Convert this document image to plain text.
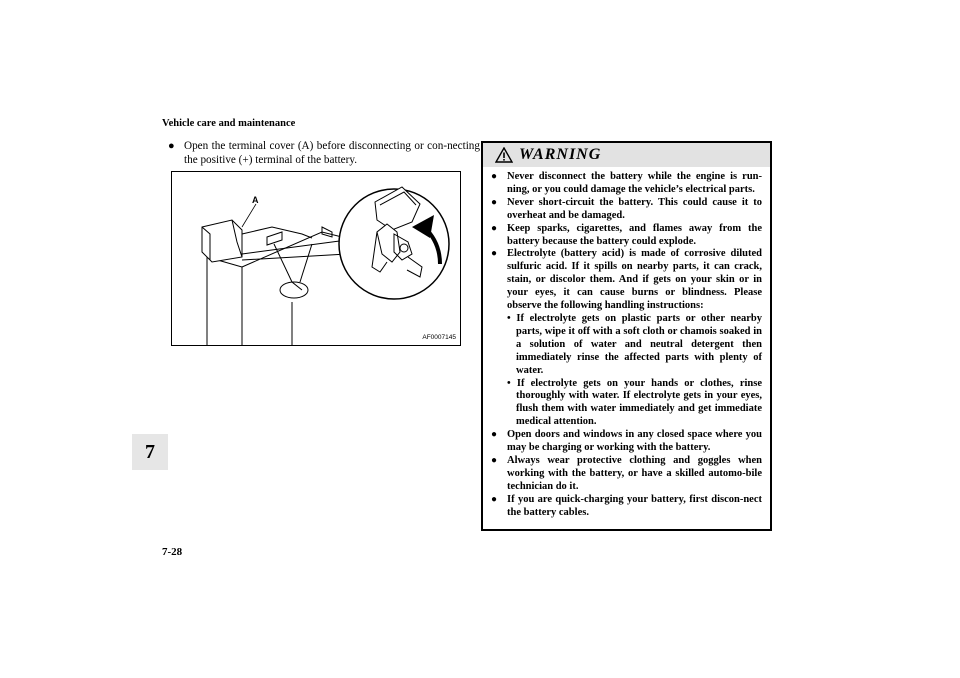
Vehicle care and maintenance
7
7-28
● Open the terminal cover (A) before disconnecting or con-necting the positive (+) terminal of the battery.
A
AF0007145
WARNING
● Never disconnect the battery while the engine is run-ning, or you could damage the vehicle’s electrical parts.
● Never short-circuit the battery. This could cause it to overheat and be damaged.
● Keep sparks, cigarettes, and flames away from the battery because the battery could explode.
● Electrolyte (battery acid) is made of corrosive diluted sulfuric acid. If it spills on nearby parts, it can crack, stain, or discolor them. And if gets on your skin or in your eyes, it can cause burns or blindness. Please observe the following handling instructions:
• If electrolyte gets on plastic parts or other nearby parts, wipe it off with a soft cloth or chamois soaked in a solution of water and neutral detergent then immediately rinse the affected parts with plenty of water.
• If electrolyte gets on your hands or clothes, rinse thoroughly with water. If electrolyte gets in your eyes, flush them with water immediately and get immediate medical attention.
● Open doors and windows in any closed space where you may be charging or working with the battery.
● Always wear protective clothing and goggles when working with the battery, or have a skilled automo-bile technician do it.
● If you are quick-charging your battery, first discon-nect the battery cables.
